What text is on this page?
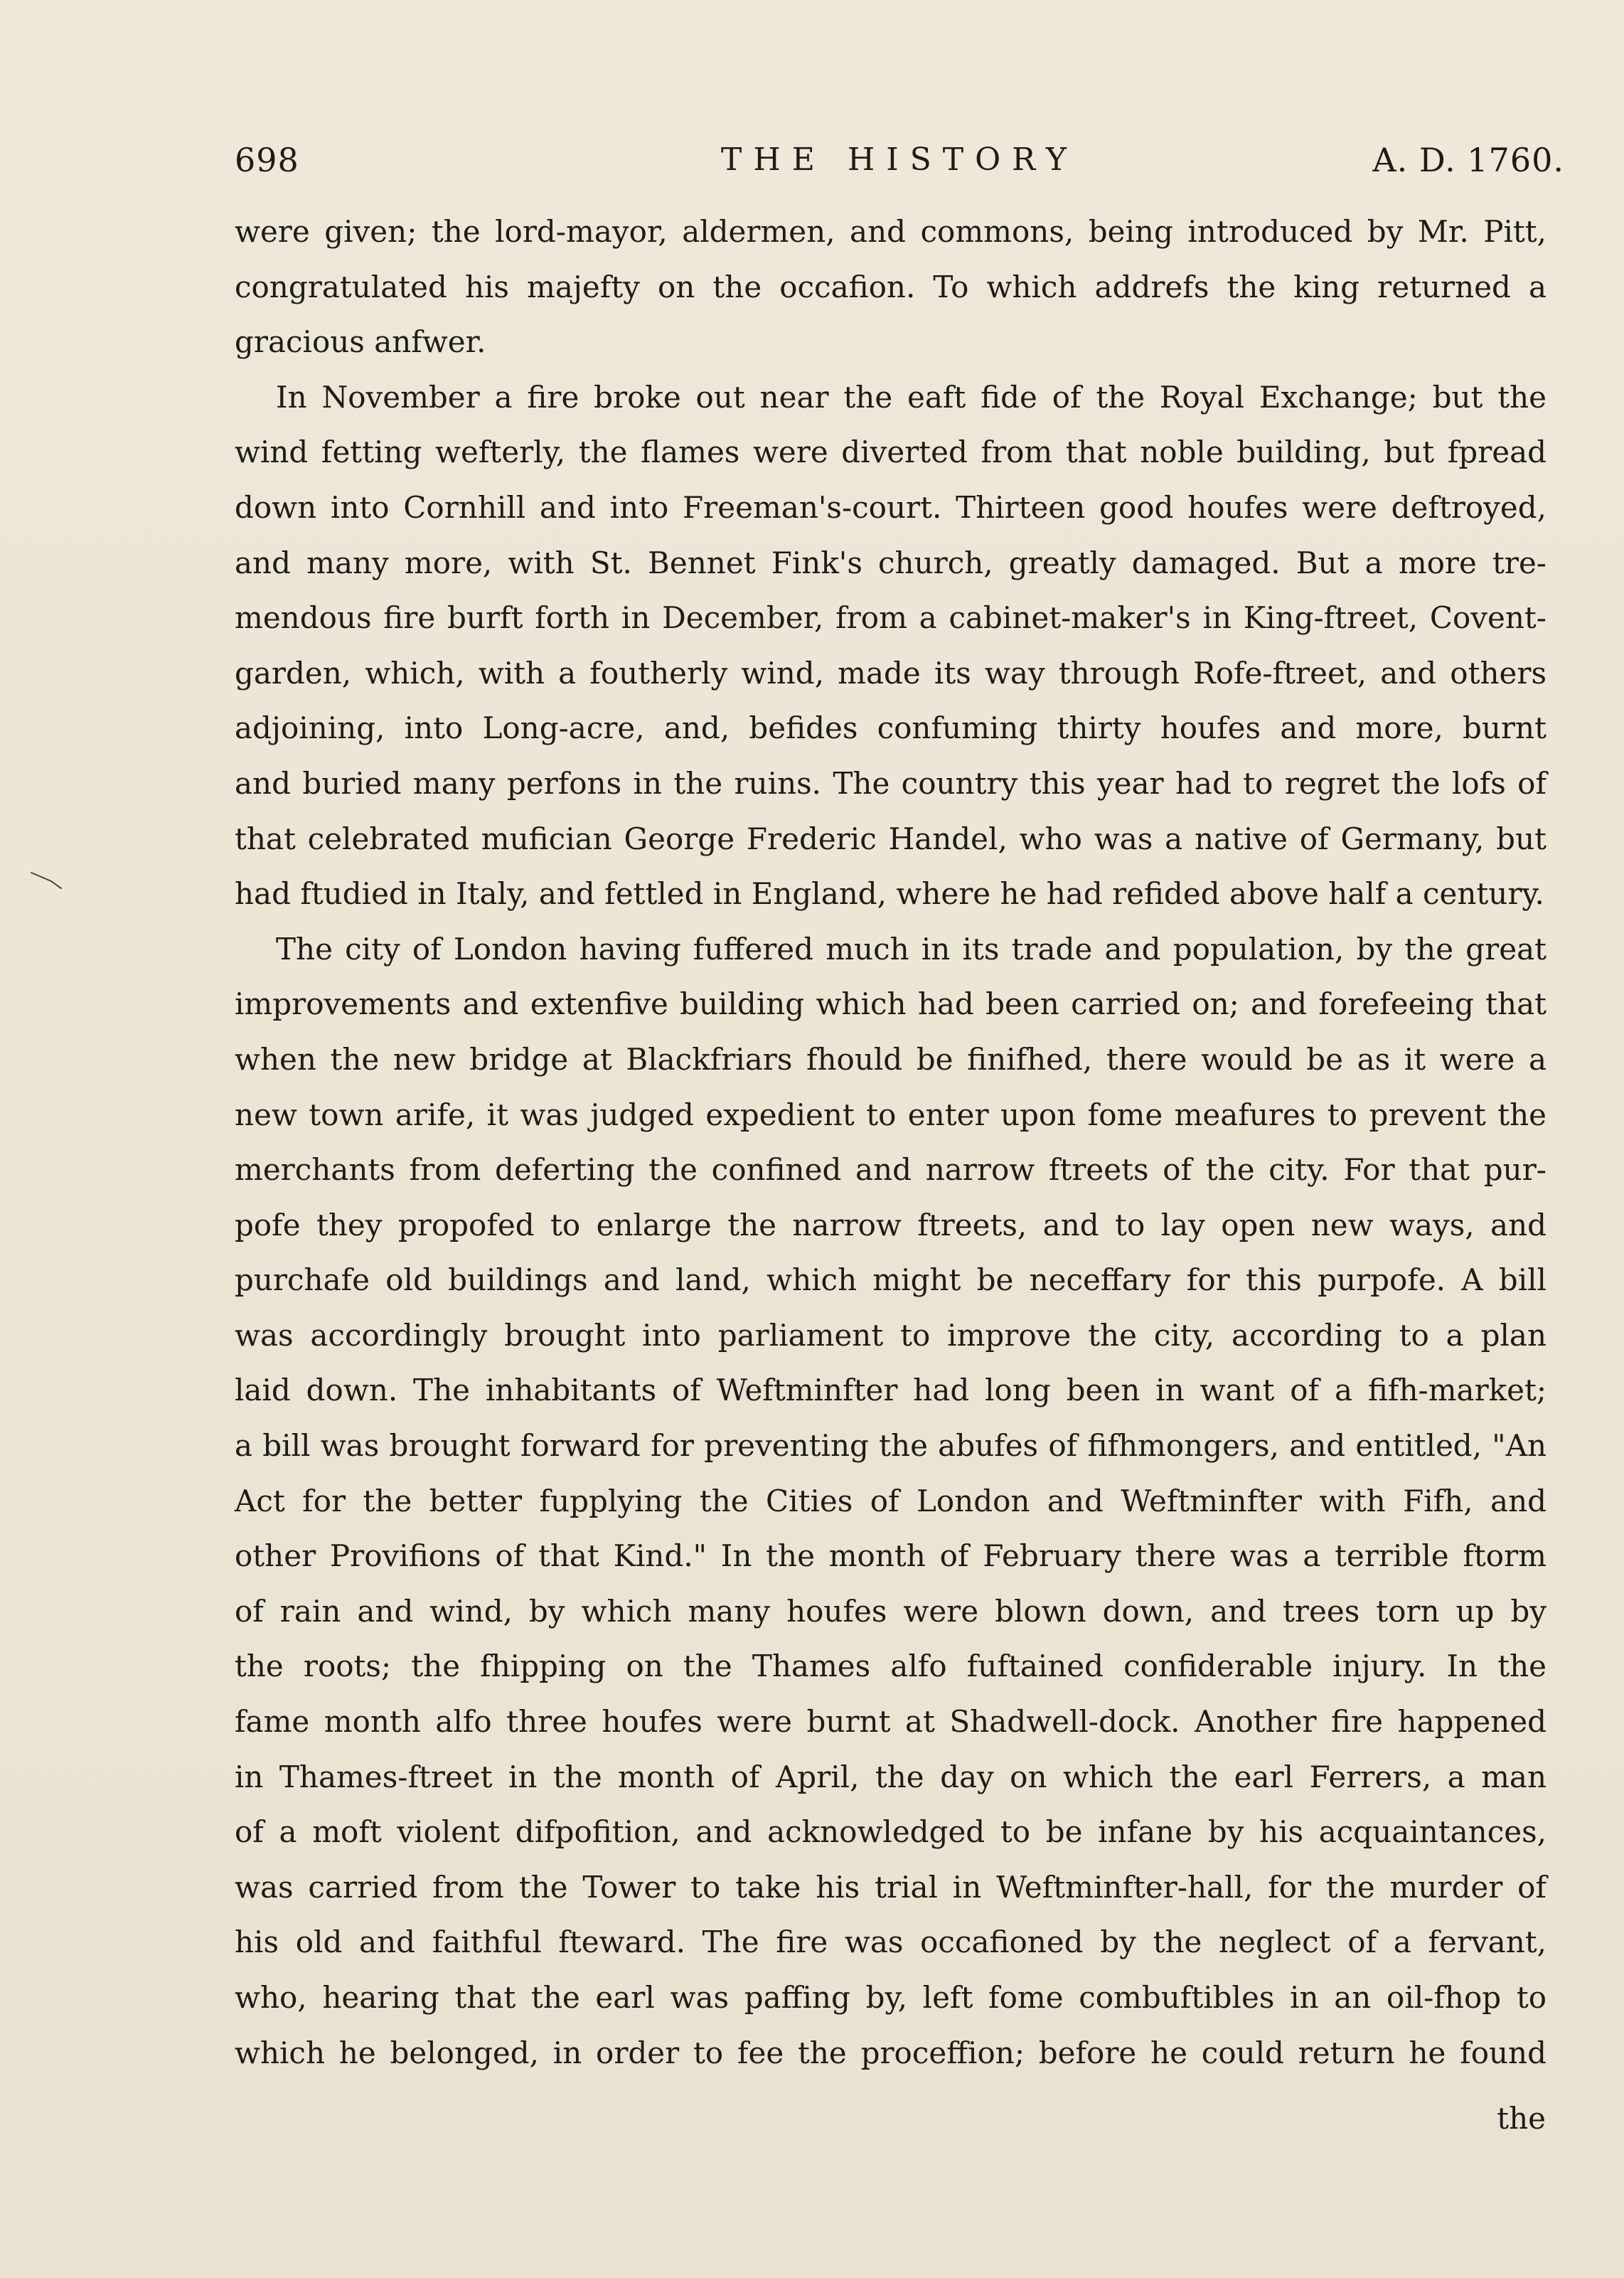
698	THE HISTORY	A. D. 1760.
were given; the lord-mayor, aldermen, and commons, being introduced by Mr. Pitt,
congratulated his majefty on the occafion. To which addrefs the king returned a
gracious anfwer.
In November a fire broke out near the eaft fide of the Royal Exchange; but the
wind fetting wefterly, the flames were diverted from that noble building, but fpread
down into Cornhill and into Freeman's-court. Thirteen good houfes were deftroyed,
and many more, with St. Bennet Fink's church, greatly damaged. But a more tre-
mendous fire burft forth in December, from a cabinet-maker's in King-ftreet, Covent-
garden, which, with a foutherly wind, made its way through Rofe-ftreet, and others
adjoining, into Long-acre, and, befides confuming thirty houfes and more, burnt
and buried many perfons in the ruins. The country this year had to regret the lofs of
that celebrated mufician George Frederic Handel, who was a native of Germany, but
had ftudied in Italy, and fettled in England, where he had refided above half a century.
The city of London having fuffered much in its trade and population, by the great
improvements and extenfive building which had been carried on; and forefeeing that
when the new bridge at Blackfriars fhould be finifhed, there would be as it were a
new town arife, it was judged expedient to enter upon fome meafures to prevent the
merchants from deferting the confined and narrow ftreets of the city. For that pur-
pofe they propofed to enlarge the narrow ftreets, and to lay open new ways, and
purchafe old buildings and land, which might be neceffary for this purpofe. A bill
was accordingly brought into parliament to improve the city, according to a plan
laid down. The inhabitants of Weftminfter had long been in want of a fifh-market;
a bill was brought forward for preventing the abufes of fifhmongers, and entitled, "An
Act for the better fupplying the Cities of London and Weftminfter with Fifh, and
other Provifions of that Kind." In the month of February there was a terrible ftorm
of rain and wind, by which many houfes were blown down, and trees torn up by
the roots; the fhipping on the Thames alfo fuftained confiderable injury. In the
fame month alfo three houfes were burnt at Shadwell-dock. Another fire happened
in Thames-ftreet in the month of April, the day on which the earl Ferrers, a man
of a moft violent difpofition, and acknowledged to be infane by his acquaintances,
was carried from the Tower to take his trial in Weftminfter-hall, for the murder of
his old and faithful fteward. The fire was occafioned by the neglect of a fervant,
who, hearing that the earl was paffing by, left fome combuftibles in an oil-fhop to
which he belonged, in order to fee the proceffion; before he could return he found
the
